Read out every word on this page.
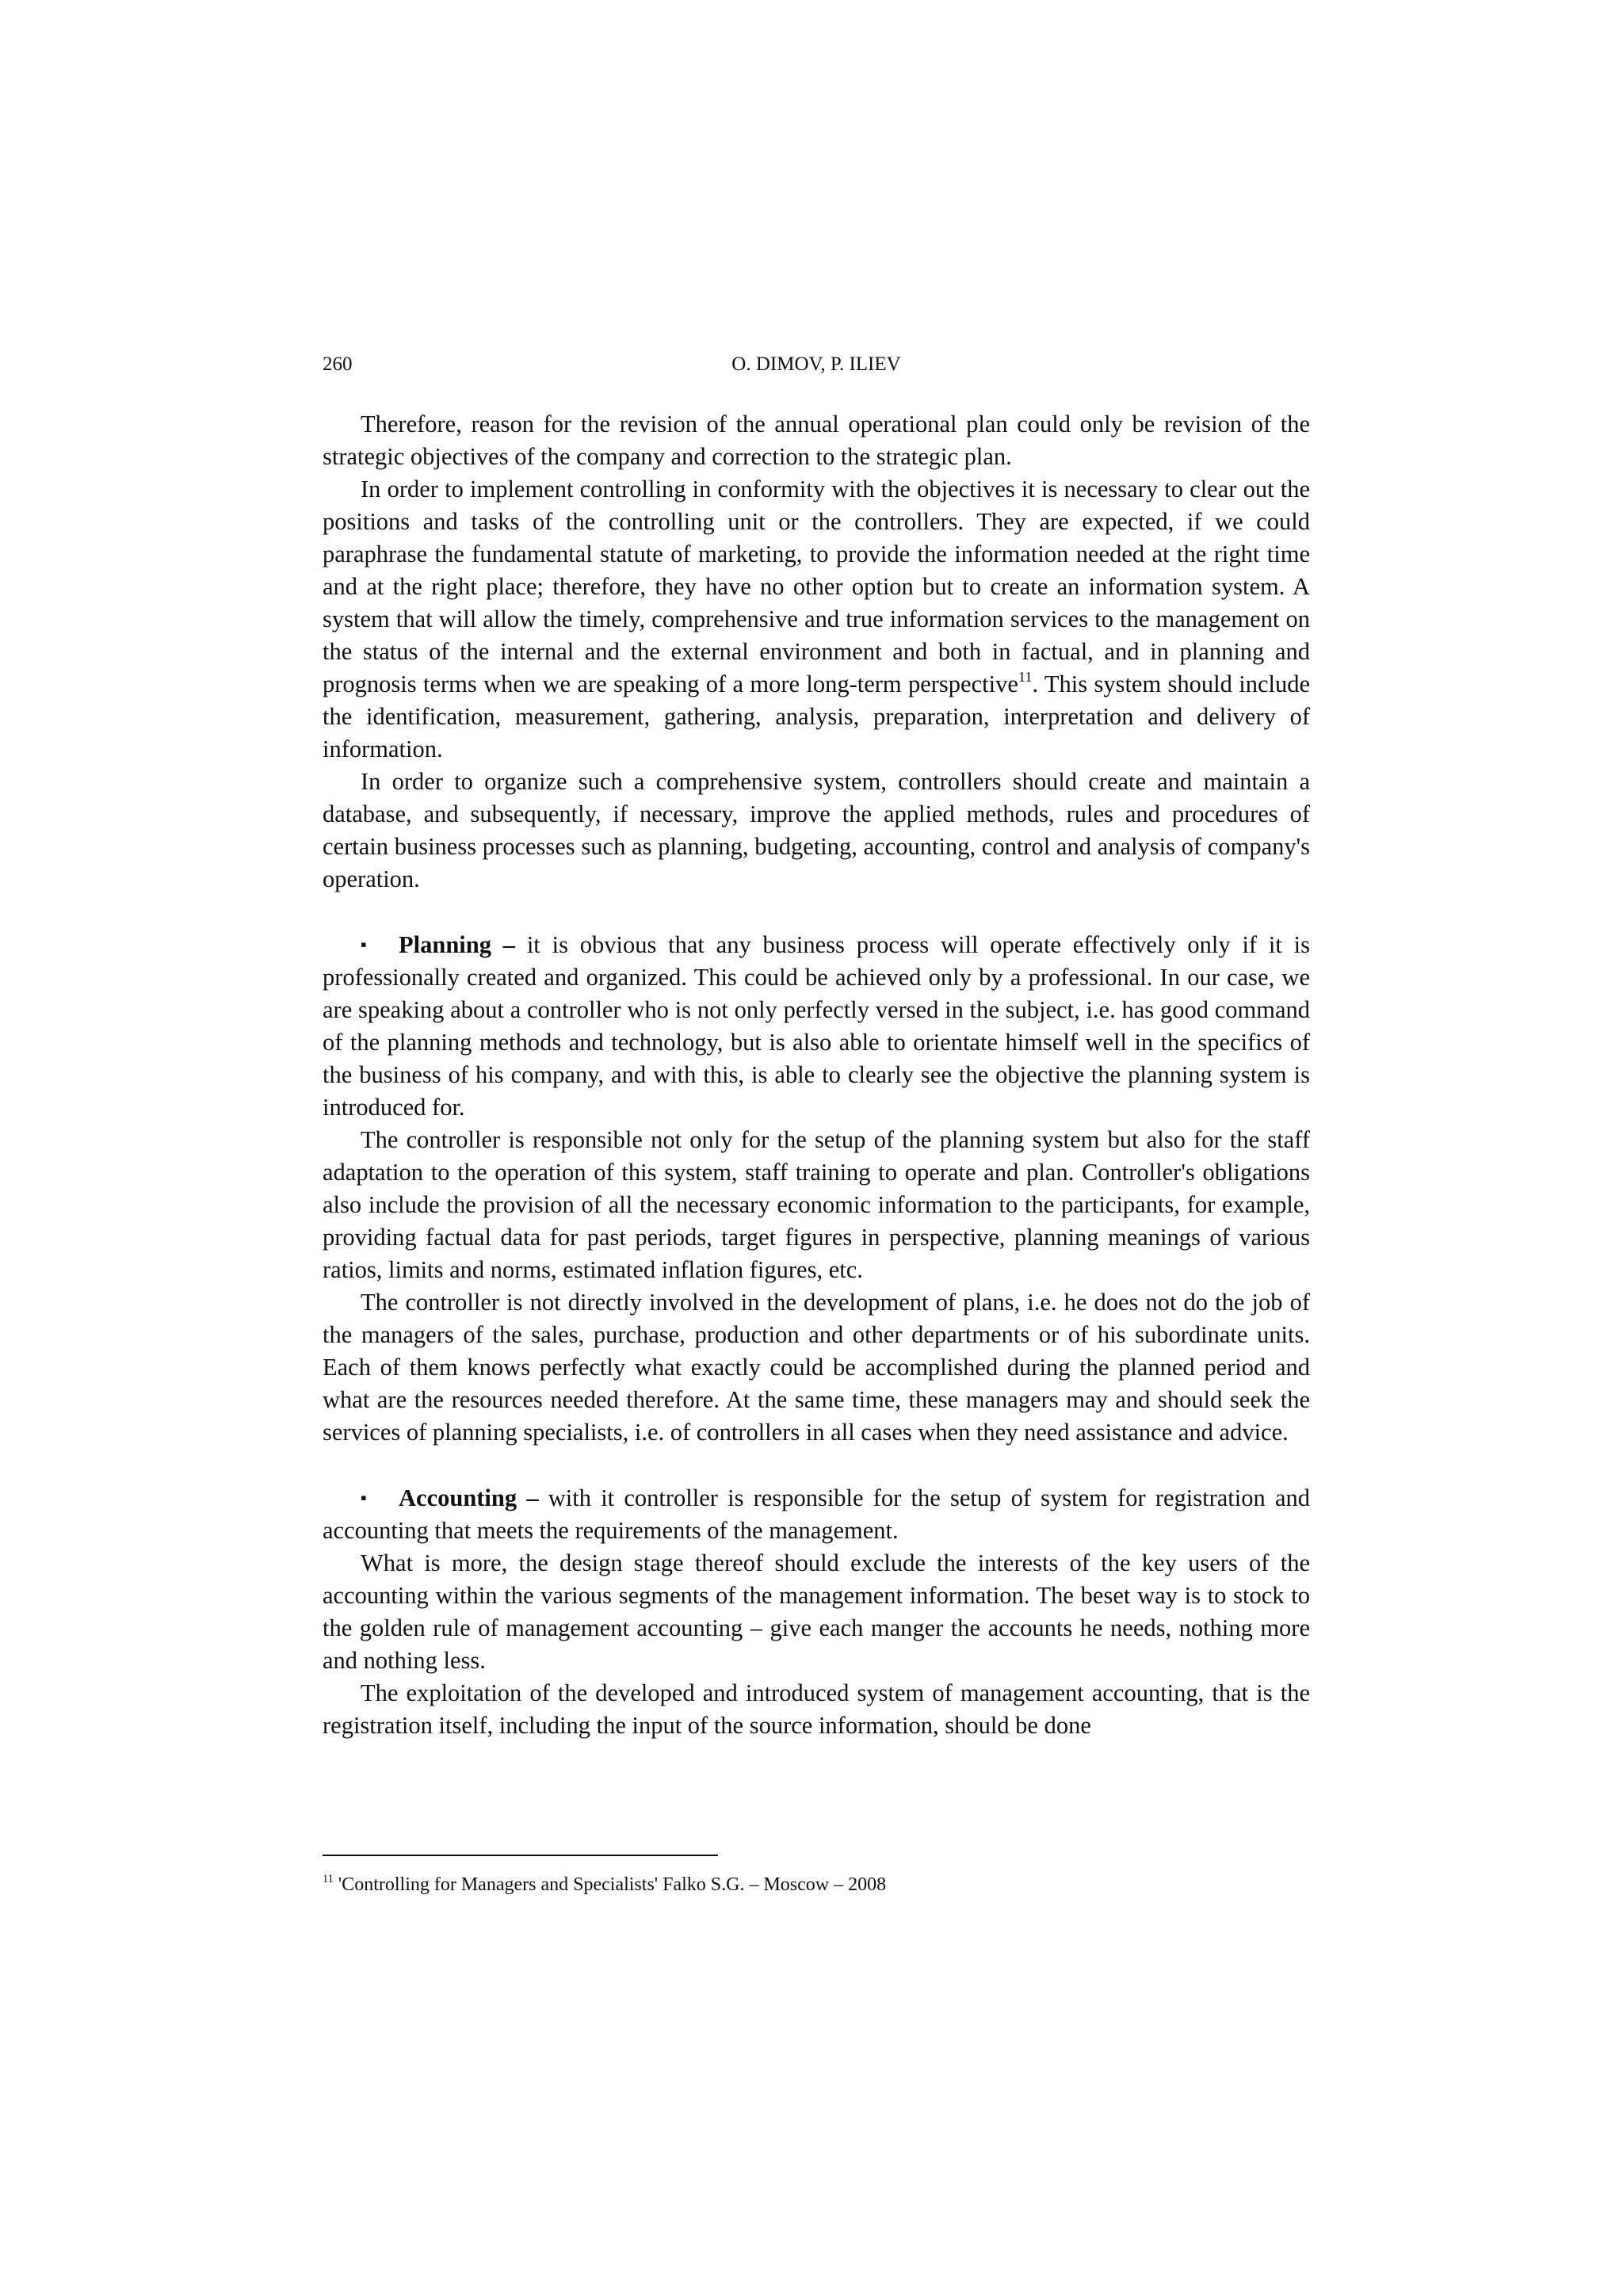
260	O. DIMOV, P. ILIEV

Therefore, reason for the revision of the annual operational plan could only be revision of the strategic objectives of the company and correction to the strategic plan.

In order to implement controlling in conformity with the objectives it is necessary to clear out the positions and tasks of the controlling unit or the controllers. They are expected, if we could paraphrase the fundamental statute of marketing, to provide the information needed at the right time and at the right place; therefore, they have no other option but to create an information system. A system that will allow the timely, comprehensive and true information services to the management on the status of the internal and the external environment and both in factual, and in planning and prognosis terms when we are speaking of a more long-term perspective$^{11}$. This system should include the identification, measurement, gathering, analysis, preparation, interpretation and delivery of information.

In order to organize such a comprehensive system, controllers should create and maintain a database, and subsequently, if necessary, improve the applied methods, rules and procedures of certain business processes such as planning, budgeting, accounting, control and analysis of company's operation.

▪ Planning – it is obvious that any business process will operate effectively only if it is professionally created and organized. This could be achieved only by a professional. In our case, we are speaking about a controller who is not only perfectly versed in the subject, i.e. has good command of the planning methods and technology, but is also able to orientate himself well in the specifics of the business of his company, and with this, is able to clearly see the objective the planning system is introduced for.

The controller is responsible not only for the setup of the planning system but also for the staff adaptation to the operation of this system, staff training to operate and plan. Controller's obligations also include the provision of all the necessary economic information to the participants, for example, providing factual data for past periods, target figures in perspective, planning meanings of various ratios, limits and norms, estimated inflation figures, etc.

The controller is not directly involved in the development of plans, i.e. he does not do the job of the managers of the sales, purchase, production and other departments or of his subordinate units. Each of them knows perfectly what exactly could be accomplished during the planned period and what are the resources needed therefore. At the same time, these managers may and should seek the services of planning specialists, i.e. of controllers in all cases when they need assistance and advice.

▪ Accounting – with it controller is responsible for the setup of system for registration and accounting that meets the requirements of the management.

What is more, the design stage thereof should exclude the interests of the key users of the accounting within the various segments of the management information. The beset way is to stock to the golden rule of management accounting – give each manger the accounts he needs, nothing more and nothing less.

The exploitation of the developed and introduced system of management accounting, that is the registration itself, including the input of the source information, should be done

$^{11}$ 'Controlling for Managers and Specialists' Falko S.G. – Moscow – 2008
